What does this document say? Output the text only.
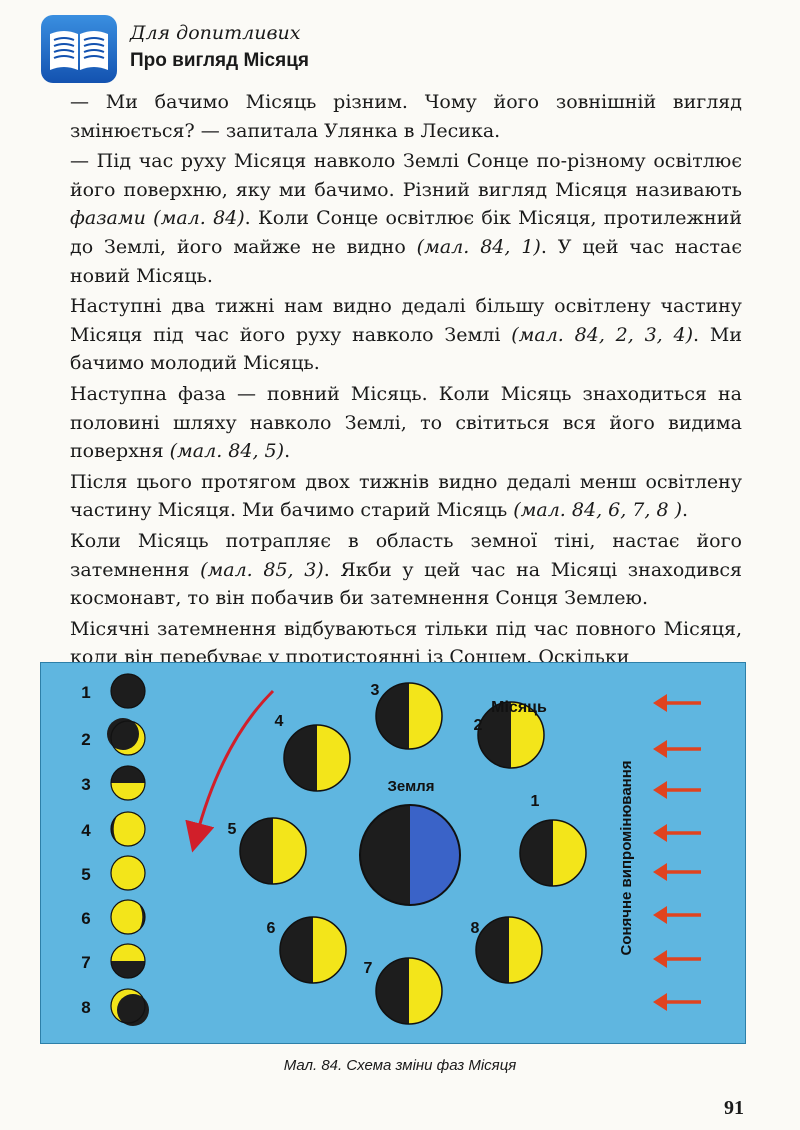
Для допитливих
Про вигляд Місяця

— Ми бачимо Місяць різним. Чому його зовнішній вигляд змінюється? — запитала Улянка в Лесика.

— Під час руху Місяця навколо Землі Сонце по-різному освітлює його поверхню, яку ми бачимо. Різний вигляд Місяця називають фазами (мал. 84). Коли Сонце освітлює бік Місяця, протилежний до Землі, його майже не видно (мал. 84, 1). У цей час настає новий Місяць.

Наступні два тижні нам видно дедалі більшу освітлену частину Місяця під час його руху навколо Землі (мал. 84, 2, 3, 4). Ми бачимо молодий Місяць.

Наступна фаза — повний Місяць. Коли Місяць знаходиться на половині шляху навколо Землі, то світиться вся його видима поверхня (мал. 84, 5).

Після цього протягом двох тижнів видно дедалі менш освітлену частину Місяця. Ми бачимо старий Місяць (мал. 84, 6, 7, 8 ).

Коли Місяць потрапляє в область земної тіні, настає його затемнення (мал. 85, 3). Якби у цей час на Місяці знаходився космонавт, то він побачив би затемнення Сонця Землею.

Місячні затемнення відбуваються тільки під час повного Місяця, коли він перебуває у протистоянні із Сонцем. Оскільки

1
2
3
4
5
6
7
8
Земля
1
2
3
4
5
6
7
8
Місяць
Сонячне випромінювання
Мал. 84. Схема зміни фаз Місяця
91
